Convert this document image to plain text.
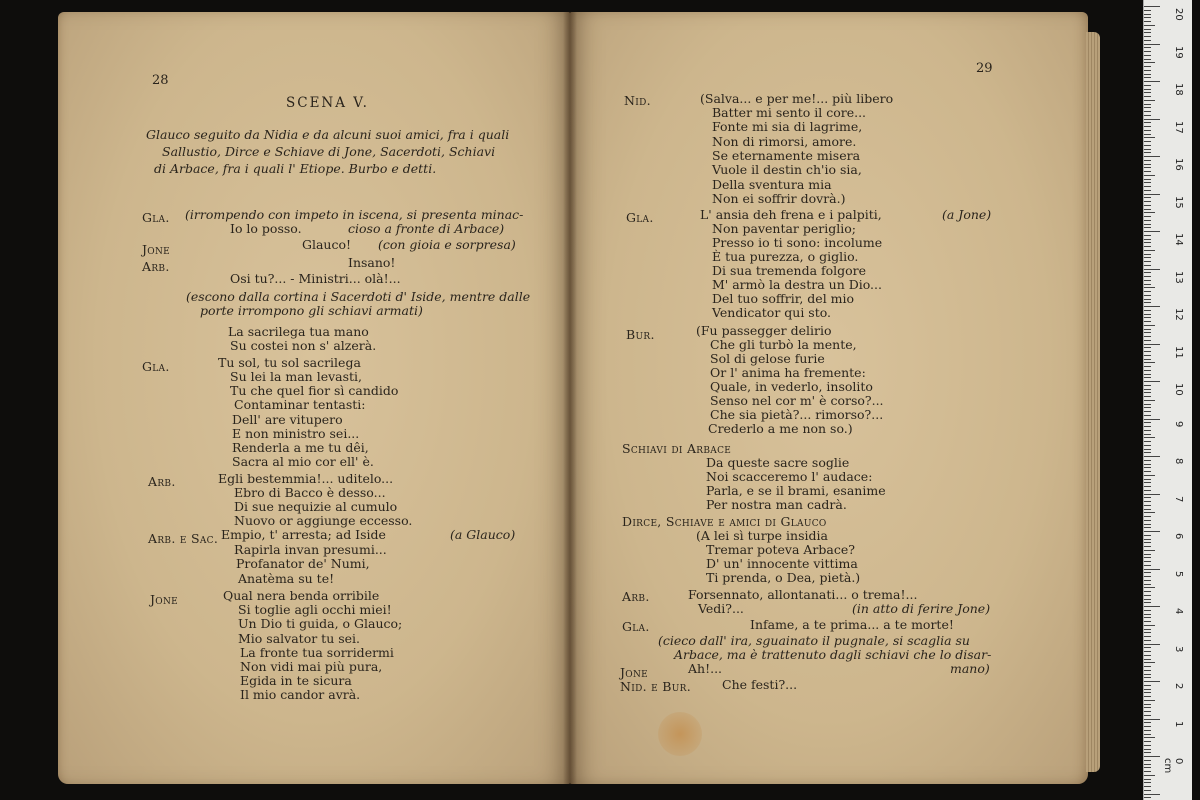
28
SCENA V.
Glauco seguito da Nidia e da alcuni suoi amici, fra i quali
Sallustio, Dirce e Schiave di Jone, Sacerdoti, Schiavi
di Arbace, fra i quali l' Etiope. Burbo e detti.
Gla. (irrompendo con impeto in iscena, si presenta minac-
Io lo posso.	cioso a fronte di Arbace)
Jone	Glauco! (con gioia e sorpresa)
Arb.	Insano!
Osi tu?... - Ministri... olà!...
(escono dalla cortina i Sacerdoti d' Iside, mentre dalle
porte irrompono gli schiavi armati)
La sacrilega tua mano
Su costei non s' alzerà.
Gla.	Tu sol, tu sol sacrilega
Su lei la man levasti,
Tu che quel fior sì candido
Contaminar tentasti:
Dell' are vitupero
E non ministro sei...
Renderla a me tu dêi,
Sacra al mio cor ell' è.
Arb.	Egli bestemmia!... uditelo...
Ebro di Bacco è desso...
Di sue nequizie al cumulo
Nuovo or aggiunge eccesso.
Arb. e Sac. Empio, t' arresta; ad Iside	(a Glauco)
Rapirla invan presumi...
Profanator de' Numi,
Anatèma su te!
Jone	Qual nera benda orribile
Si toglie agli occhi miei!
Un Dio ti guida, o Glauco;
Mio salvator tu sei.
La fronte tua sorridermi
Non vidi mai più pura,
Egida in te sicura
Il mio candor avrà.
29
Nid.	(Salva... e per me!... più libero
Batter mi sento il core...
Fonte mi sia di lagrime,
Non di rimorsi, amore.
Se eternamente misera
Vuole il destin ch'io sia,
Della sventura mia
Non ei soffrir dovrà.)
Gla.	L' ansia deh frena e i palpiti,	(a Jone)
Non paventar periglio;
Presso io ti sono: incolume
È tua purezza, o giglio.
Di sua tremenda folgore
M' armò la destra un Dio...
Del tuo soffrir, del mio
Vendicator qui sto.
Bur.	(Fu passegger delirio
Che gli turbò la mente,
Sol di gelose furie
Or l' anima ha fremente:
Quale, in vederlo, insolito
Senso nel cor m' è corso?...
Che sia pietà?... rimorso?...
Crederlo a me non so.)
Schiavi di Arbace
Da queste sacre soglie
Noi scacceremo l' audace:
Parla, e se il brami, esanime
Per nostra man cadrà.
Dirce, Schiave e amici di Glauco
(A lei sì turpe insidia
Tremar poteva Arbace?
D' un' innocente vittima
Ti prenda, o Dea, pietà.)
Arb.	Forsennato, allontanati... o trema!...
Vedi?...	(in atto di ferire Jone)
Gla.	Infame, a te prima... a te morte!
(cieco dall' ira, sguainato il pugnale, si scaglia su
Arbace, ma è trattenuto dagli schiavi che lo disar-
Jone	Ah!...	mano)
Nid. e Bur. Che festi?...
20
19
18
17
16
15
14
13
12
11
10
9
8
7
6
5
4
3
2
1
0 cm
